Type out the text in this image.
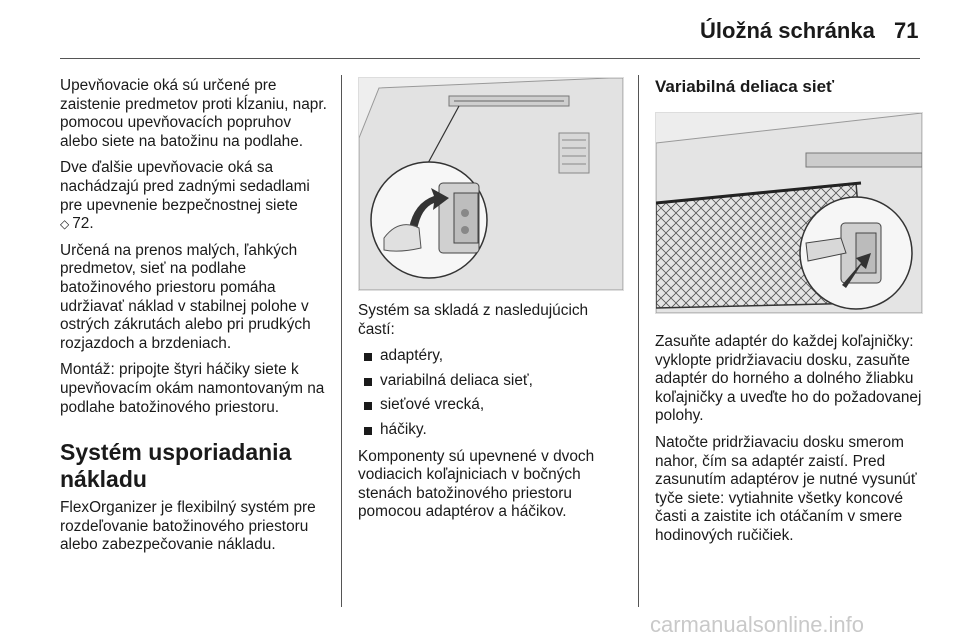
Úložná schránka 71

Upevňovacie oká sú určené pre zaistenie predmetov proti kĺzaniu, napr. pomocou upevňovacích popruhov alebo siete na batožinu na podlahe.

Dve ďalšie upevňovacie oká sa nachádzajú pred zadnými sedadlami pre upevnenie bezpečnostnej siete
◇ 72.

Určená na prenos malých, ľahkých predmetov, sieť na podlahe batožinového priestoru pomáha udržiavať náklad v stabilnej polohe v ostrých zákrutách alebo pri prudkých rozjazdoch a brzdeniach.

Montáž: pripojte štyri háčiky siete k upevňovacím okám namontovaným na podlahe batožinového priestoru.

Systém usporiadania nákladu

FlexOrganizer je flexibilný systém pre rozdeľovanie batožinového priestoru alebo zabezpečovanie nákladu.

Systém sa skladá z nasledujúcich častí:

adaptéry,
variabilná deliaca sieť,
sieťové vrecká,
háčiky.

Komponenty sú upevnené v dvoch vodiacich koľajniciach v bočných stenách batožinového priestoru pomocou adaptérov a háčikov.

Variabilná deliaca sieť

Zasuňte adaptér do každej koľajničky: vyklopte pridržiavaciu dosku, zasuňte adaptér do horného a dolného žliabku koľajničky a uveďte ho do požadovanej polohy.

Natočte pridržiavaciu dosku smerom nahor, čím sa adaptér zaistí. Pred zasunutím adaptérov je nutné vysunúť tyče siete: vytiahnite všetky koncové časti a zaistite ich otáčaním v smere hodinových ručičiek.

carmanualsonline.info
